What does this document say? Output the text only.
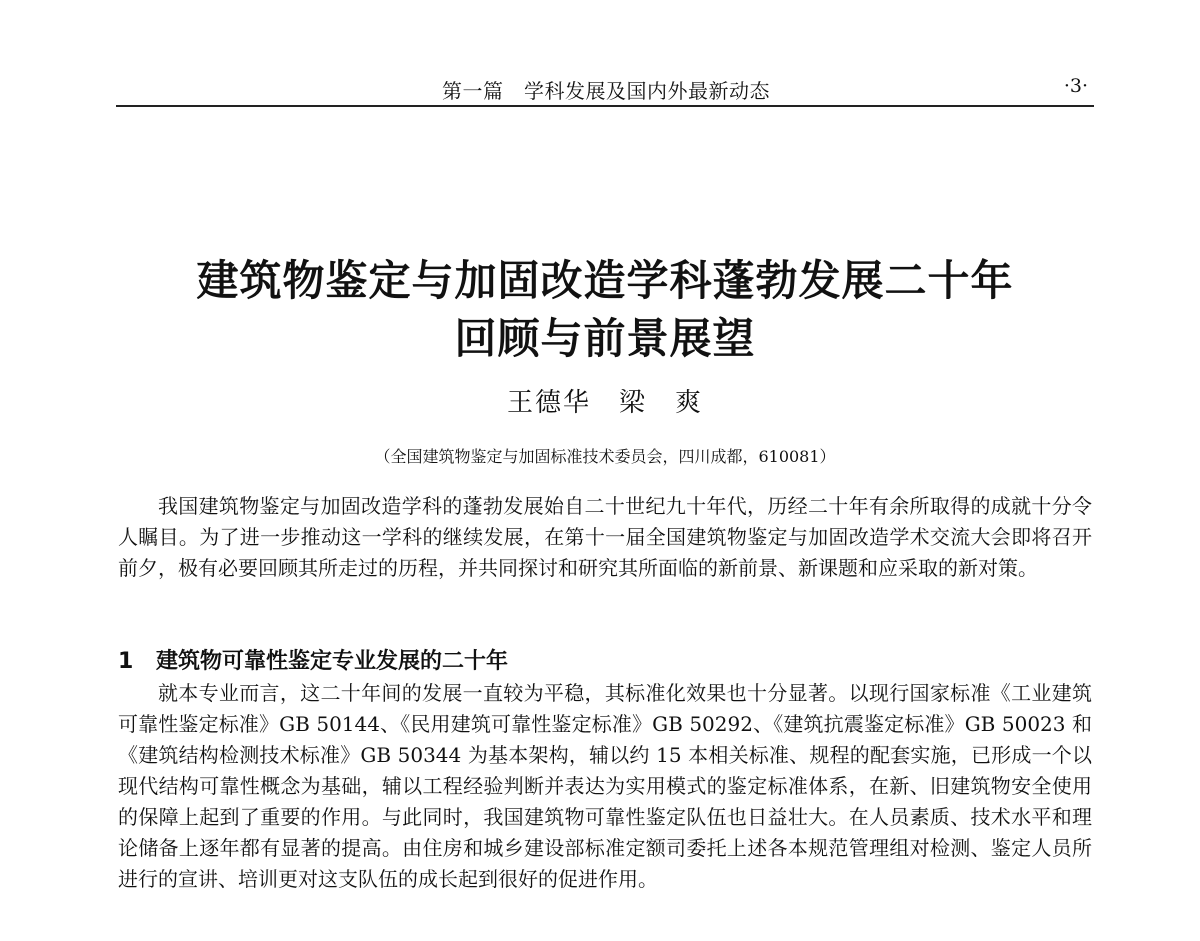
第一篇　学科发展及国内外最新动态	·3·
建筑物鉴定与加固改造学科蓬勃发展二十年
回顾与前景展望
王德华　梁　爽
（全国建筑物鉴定与加固标准技术委员会，四川成都，610081）

我国建筑物鉴定与加固改造学科的蓬勃发展始自二十世纪九十年代，历经二十年有余所取得的成就十分令人瞩目。为了进一步推动这一学科的继续发展，在第十一届全国建筑物鉴定与加固改造学术交流大会即将召开前夕，极有必要回顾其所走过的历程，并共同探讨和研究其所面临的新前景、新课题和应采取的新对策。

1 建筑物可靠性鉴定专业发展的二十年

就本专业而言，这二十年间的发展一直较为平稳，其标准化效果也十分显著。以现行国家标准《工业建筑可靠性鉴定标准》GB 50144、《民用建筑可靠性鉴定标准》GB 50292、《建筑抗震鉴定标准》GB 50023 和《建筑结构检测技术标准》GB 50344 为基本架构，辅以约 15 本相关标准、规程的配套实施，已形成一个以现代结构可靠性概念为基础，辅以工程经验判断并表达为实用模式的鉴定标准体系，在新、旧建筑物安全使用的保障上起到了重要的作用。与此同时，我国建筑物可靠性鉴定队伍也日益壮大。在人员素质、技术水平和理论储备上逐年都有显著的提高。由住房和城乡建设部标准定额司委托上述各本规范管理组对检测、鉴定人员所进行的宣讲、培训更对这支队伍的成长起到很好的促进作用。
